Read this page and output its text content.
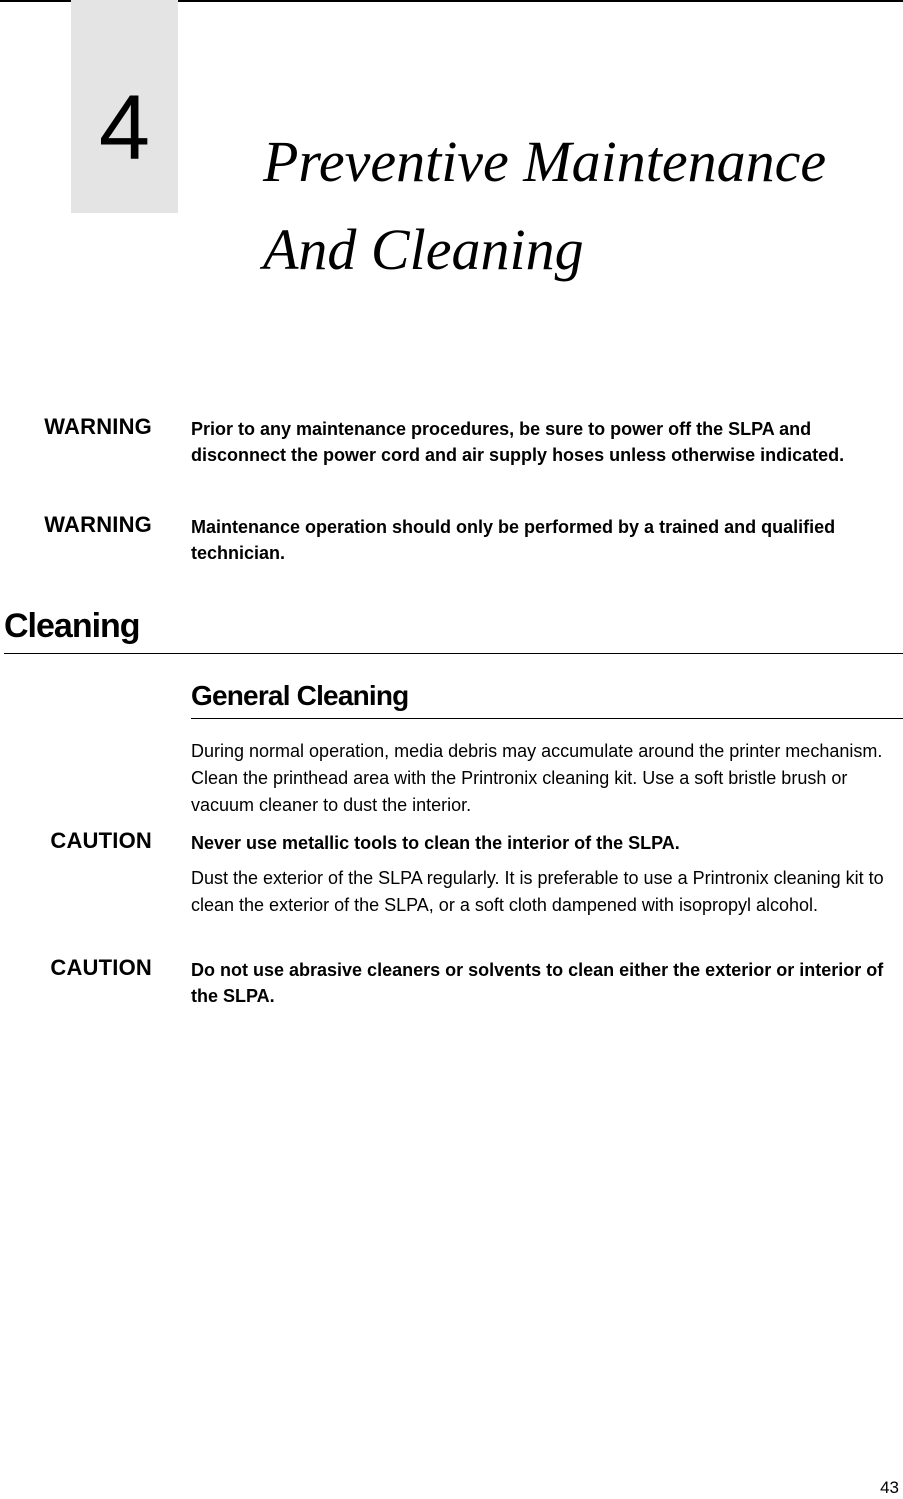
4	Preventive Maintenance
And Cleaning
WARNING Prior to any maintenance procedures, be sure to power off the SLPA and disconnect the power cord and air supply hoses unless otherwise indicated.
WARNING Maintenance operation should only be performed by a trained and qualified technician.
Cleaning
General Cleaning

During normal operation, media debris may accumulate around the printer mechanism. Clean the printhead area with the Printronix cleaning kit. Use a soft bristle brush or vacuum cleaner to dust the interior.

CAUTION Never use metallic tools to clean the interior of the SLPA.

Dust the exterior of the SLPA regularly. It is preferable to use a Printronix cleaning kit to clean the exterior of the SLPA, or a soft cloth dampened with isopropyl alcohol.

CAUTION Do not use abrasive cleaners or solvents to clean either the exterior or interior of the SLPA.
43
